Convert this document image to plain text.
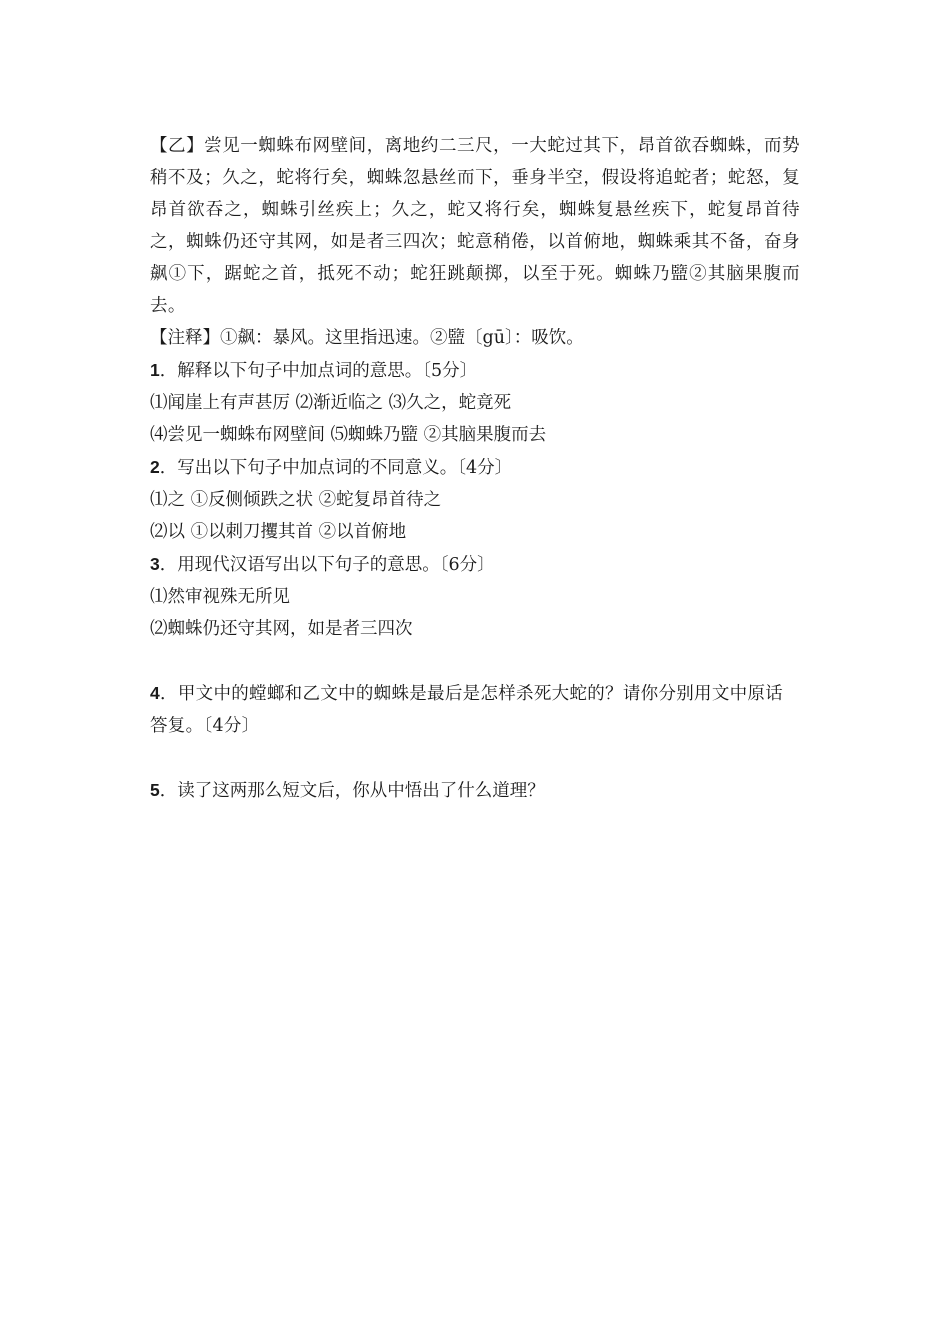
【乙】尝见一蜘蛛布网壁间，离地约二三尺，一大蛇过其下，昂首欲吞蜘蛛，而势稍不及；久之，蛇将行矣，蜘蛛忽悬丝而下，垂身半空，假设将追蛇者；蛇怒，复昂首欲吞之，蜘蛛引丝疾上；久之，蛇又将行矣，蜘蛛复悬丝疾下，蛇复昂首待之，蜘蛛仍还守其网，如是者三四次；蛇意稍倦，以首俯地，蜘蛛乘其不备，奋身飙①下，踞蛇之首，抵死不动；蛇狂跳颠掷，以至于死。蜘蛛乃盬②其脑果腹而去。

【注释】①飙：暴风。这里指迅速。②盬〔gū〕：吸饮。

1．解释以下句子中加点词的意思。〔5分〕

⑴闻崖上有声甚厉 ⑵渐近临之 ⑶久之，蛇竟死

⑷尝见一蜘蛛布网壁间 ⑸蜘蛛乃盬 ②其脑果腹而去

2．写出以下句子中加点词的不同意义。〔4分〕

⑴之 ①反侧倾跌之状 ②蛇复昂首待之

⑵以 ①以刺刀攫其首 ②以首俯地

3．用现代汉语写出以下句子的意思。〔6分〕

⑴然审视殊无所见

⑵蜘蛛仍还守其网，如是者三四次

4．甲文中的螳螂和乙文中的蜘蛛是最后是怎样杀死大蛇的？请你分别用文中原话答复。〔4分〕

5．读了这两那么短文后，你从中悟出了什么道理？
